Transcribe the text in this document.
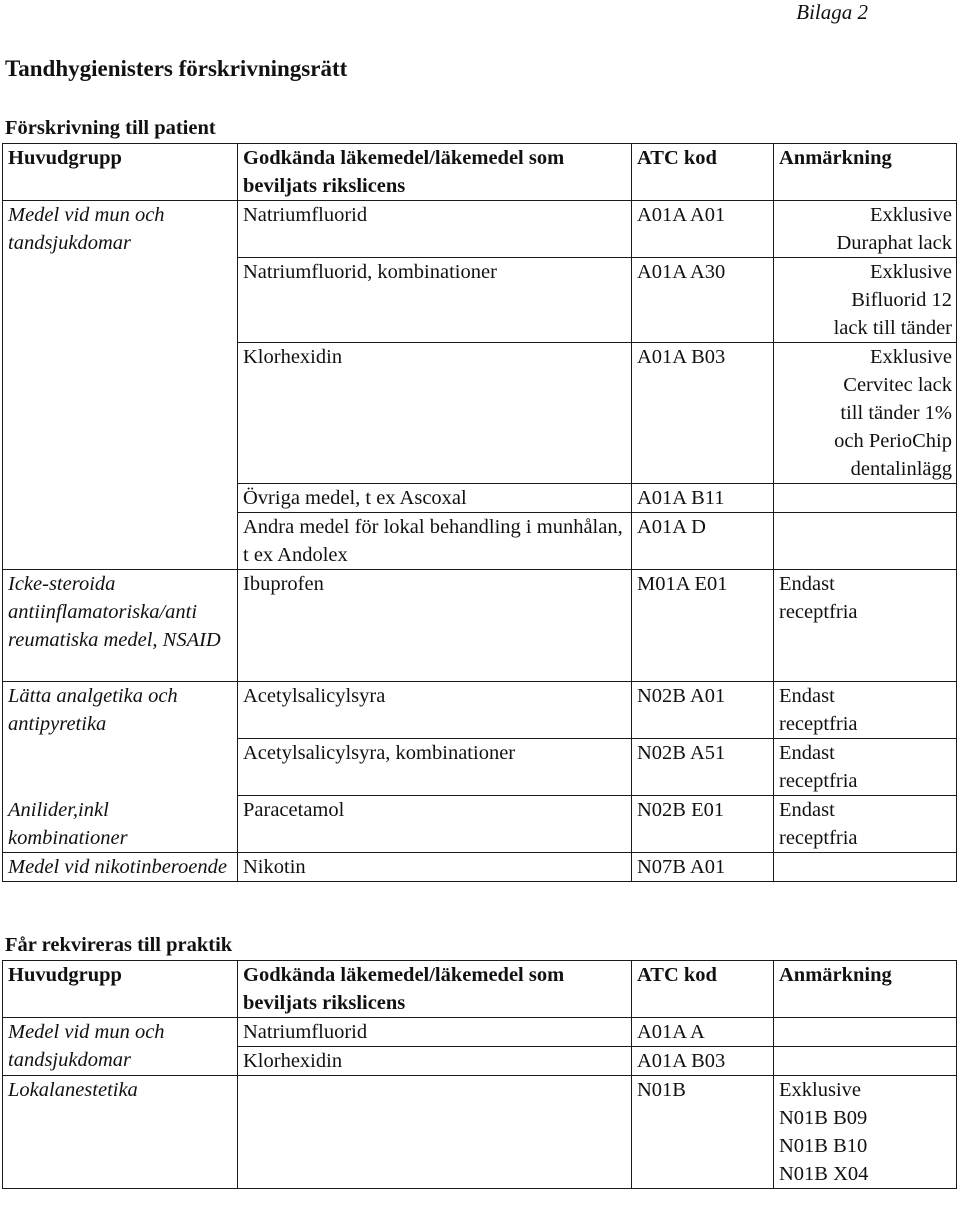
Bilaga 2
Tandhygienisters förskrivningsrätt
Förskrivning till patient
Huvudgrupp	Godkända läkemedel/läkemedel som beviljats rikslicens	ATC kod	Anmärkning
Medel vid mun och tandsjukdomar	Natriumfluorid	A01A A01	Exklusive
Duraphat lack
	Natriumfluorid, kombinationer	A01A A30	Exklusive
Bifluorid 12
lack till tänder
	Klorhexidin	A01A B03	Exklusive
Cervitec lack
till tänder 1%
och PerioChip
dentalinlägg
	Övriga medel, t ex Ascoxal	A01A B11	
	Andra medel för lokal behandling i munhålan, t ex Andolex	A01A D	
Icke-steroida antiinflamatoriska/anti reumatiska medel, NSAID	Ibuprofen	M01A E01	Endast
receptfria
Lätta analgetika och antipyretika	Acetylsalicylsyra	N02B A01	Endast
receptfria
	Acetylsalicylsyra, kombinationer	N02B A51	Endast
receptfria
Anilider,inkl kombinationer	Paracetamol	N02B E01	Endast
receptfria
Medel vid nikotinberoende	Nikotin	N07B A01	
Får rekvireras till praktik
Huvudgrupp	Godkända läkemedel/läkemedel som beviljats rikslicens	ATC kod	Anmärkning
Medel vid mun och tandsjukdomar	Natriumfluorid	A01A A	
	Klorhexidin	A01A B03	
Lokalanestetika		N01B	Exklusive
N01B B09
N01B B10
N01B X04
